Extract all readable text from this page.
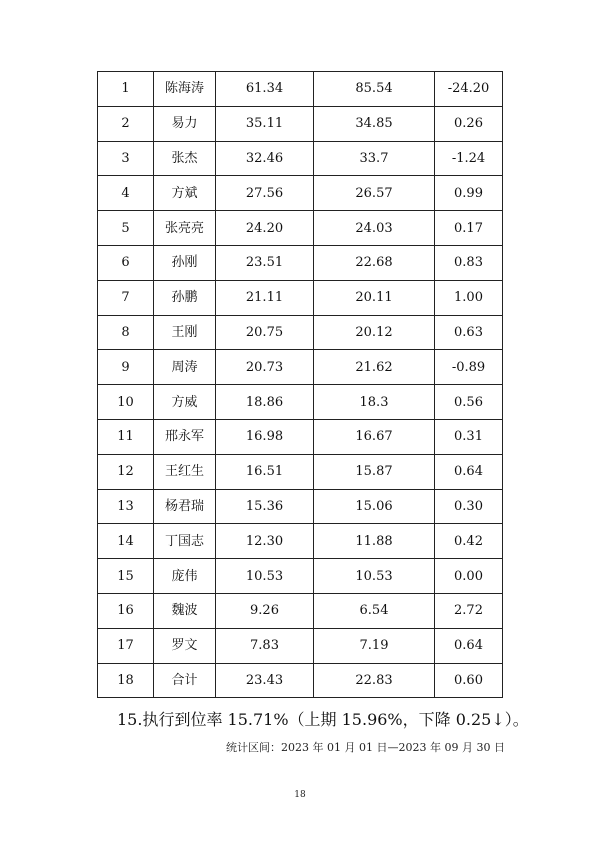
1	陈海涛	61.34	85.54	-24.20
2	易力	35.11	34.85	0.26
3	张杰	32.46	33.7	-1.24
4	方斌	27.56	26.57	0.99
5	张亮亮	24.20	24.03	0.17
6	孙刚	23.51	22.68	0.83
7	孙鹏	21.11	20.11	1.00
8	王刚	20.75	20.12	0.63
9	周涛	20.73	21.62	-0.89
10	方威	18.86	18.3	0.56
11	邢永军	16.98	16.67	0.31
12	王红生	16.51	15.87	0.64
13	杨君瑞	15.36	15.06	0.30
14	丁国志	12.30	11.88	0.42
15	庞伟	10.53	10.53	0.00
16	魏波	9.26	6.54	2.72
17	罗文	7.83	7.19	0.64
18	合计	23.43	22.83	0.60
15.执行到位率 15.71%（上期 15.96%，下降 0.25↓）。
统计区间：2023 年 01 月 01 日—2023 年 09 月 30 日
18
